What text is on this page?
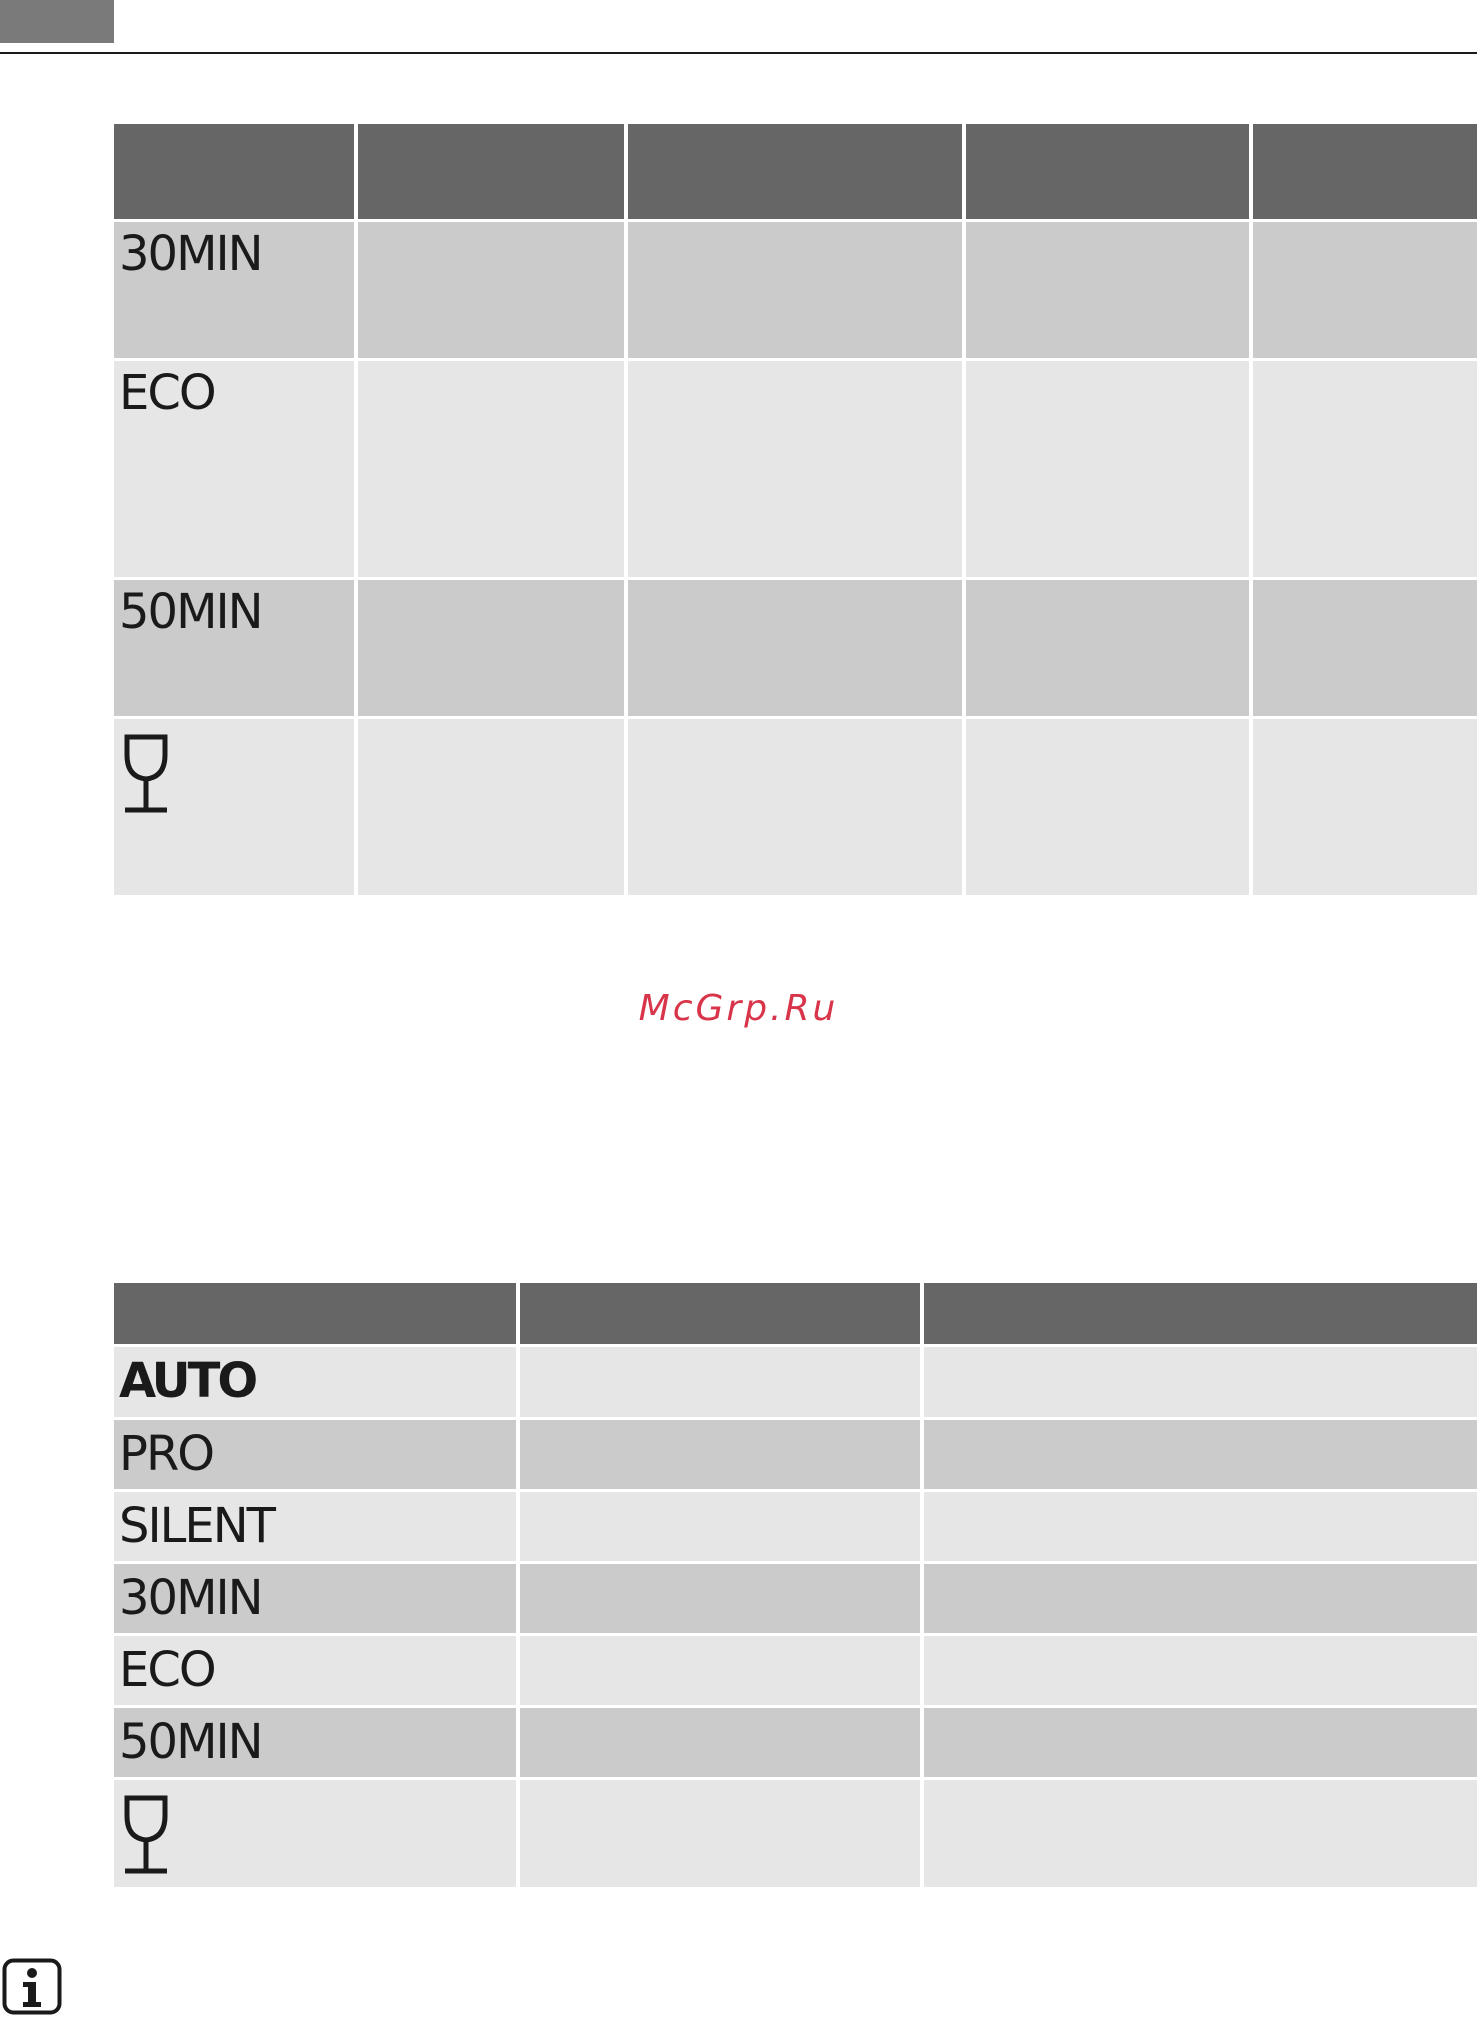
30MIN
ECO
50MIN
McGrp.Ru
AUTO
PRO
SILENT
30MIN
ECO
50MIN
